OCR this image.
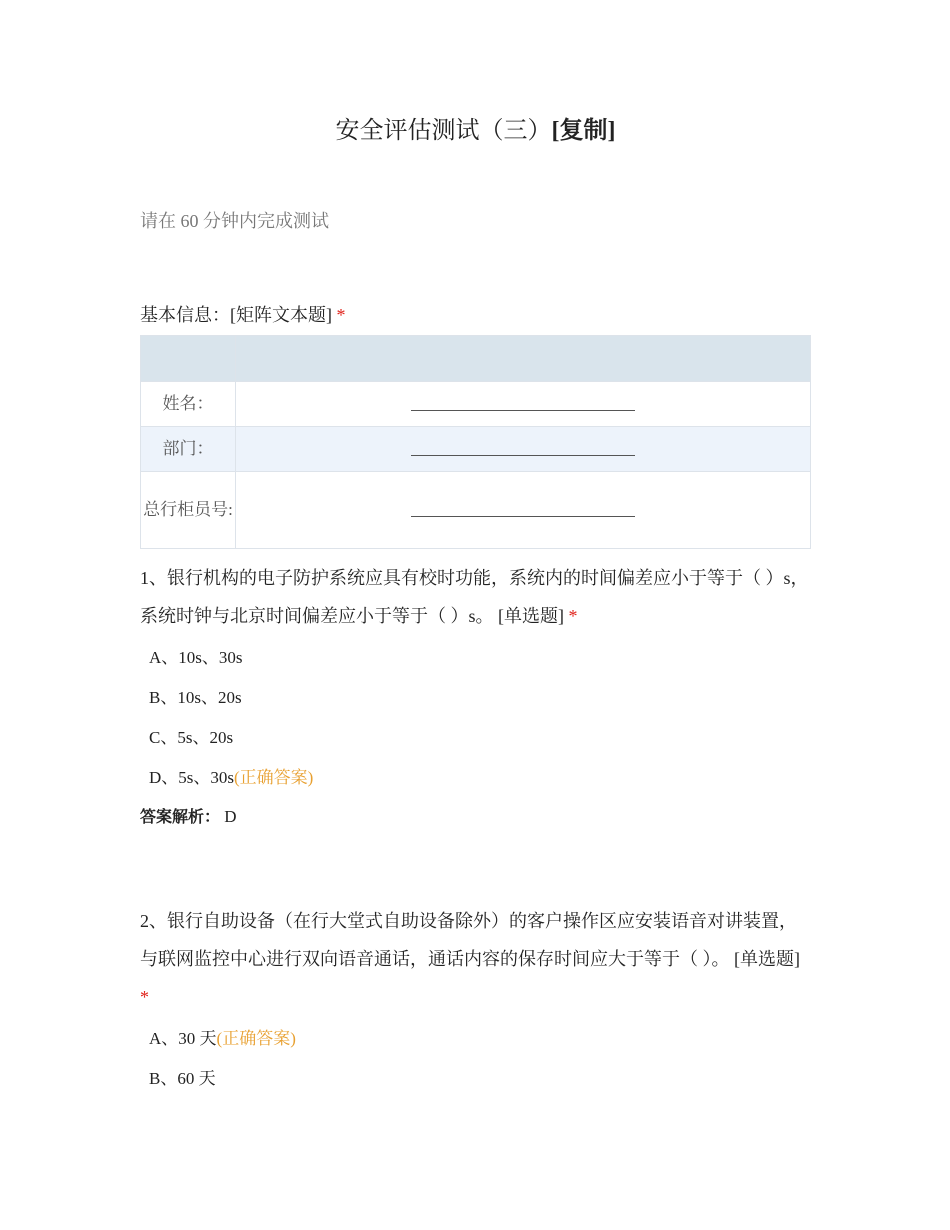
安全评估测试（三）[复制]
请在 60 分钟内完成测试
基本信息：[矩阵文本题] *

姓名：	
部门：	
总行柜员号:	
1、银行机构的电子防护系统应具有校时功能，系统内的时间偏差应小于等于（ ）s，系统时钟与北京时间偏差应小于等于（ ）s。 [单选题] *
A、10s、30s
B、10s、20s
C、5s、20s
D、5s、30s(正确答案)
答案解析： D
2、银行自助设备（在行大堂式自助设备除外）的客户操作区应安装语音对讲装置，与联网监控中心进行双向语音通话，通话内容的保存时间应大于等于（ ）。 [单选题] *
A、30 天(正确答案)
B、60 天
